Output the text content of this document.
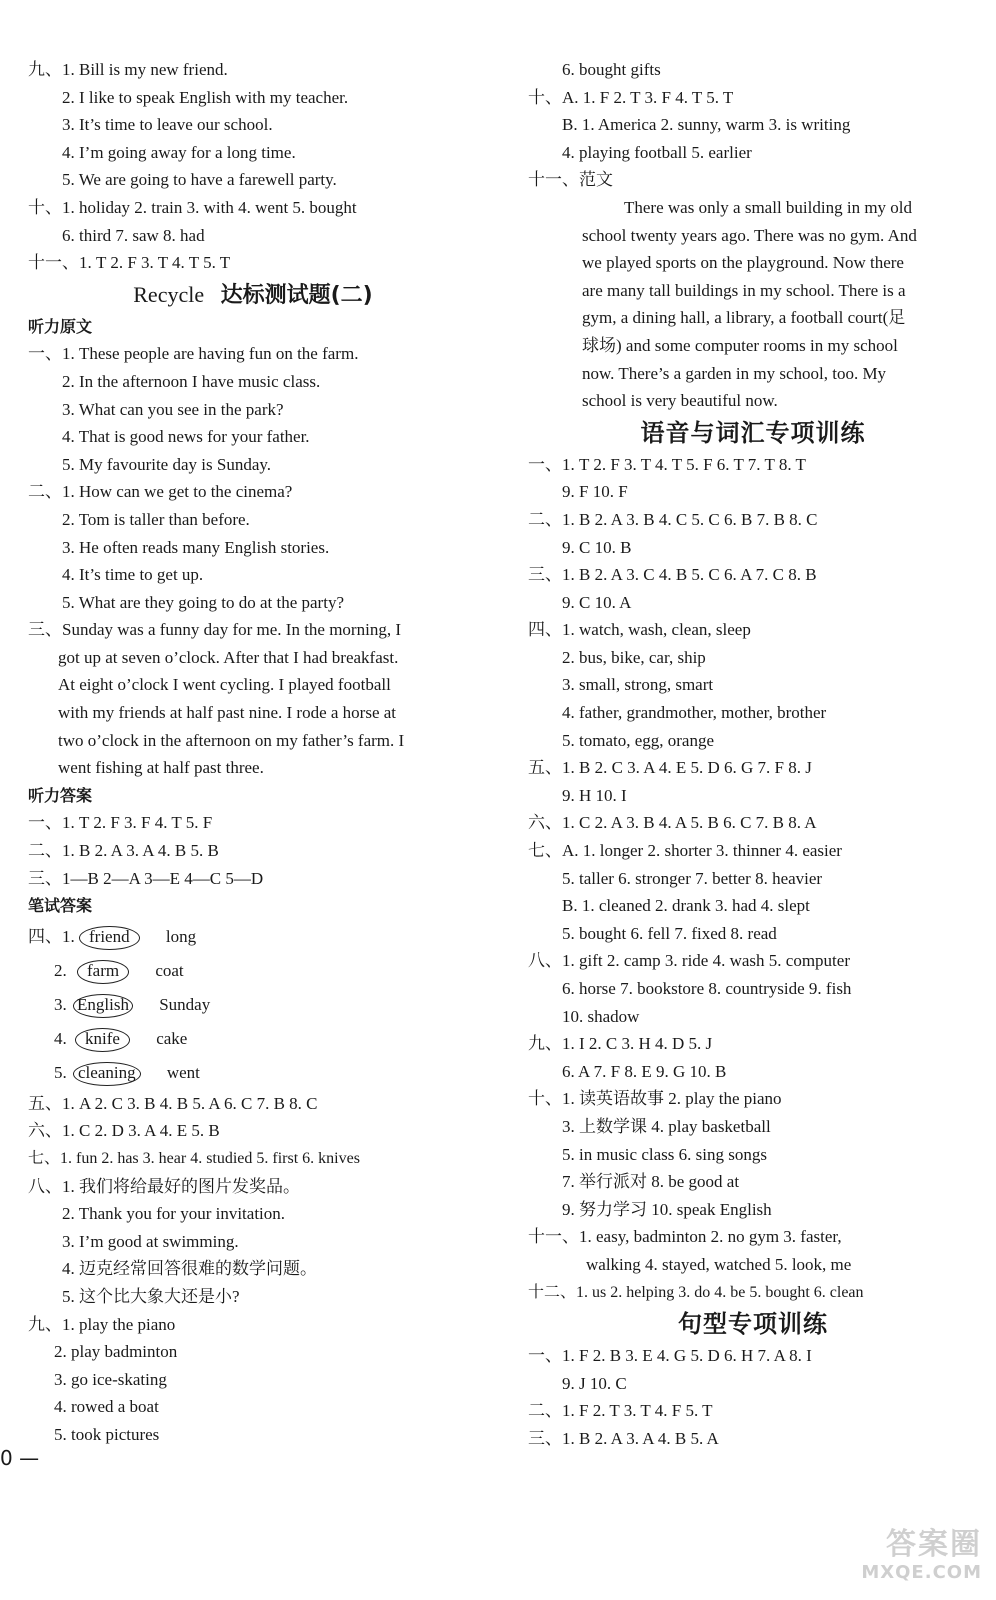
九、1. Bill is my new friend.
2. I like to speak English with my teacher.
3. It’s time to leave our school.
4. I’m going away for a long time.
5. We are going to have a farewell party.
十、1. holiday 2. train 3. with 4. went 5. bought
6. third 7. saw 8. had
十一、1. T 2. F 3. T 4. T 5. T
Recycle 达标测试题(二)
听力原文
一、1. These people are having fun on the farm.
2. In the afternoon I have music class.
3. What can you see in the park?
4. That is good news for your father.
5. My favourite day is Sunday.
二、1. How can we get to the cinema?
2. Tom is taller than before.
3. He often reads many English stories.
4. It’s time to get up.
5. What are they going to do at the party?
三、Sunday was a funny day for me. In the morning, I
got up at seven o’clock. After that I had breakfast.
At eight o’clock I went cycling. I played football
with my friends at half past nine. I rode a horse at
two o’clock in the afternoon on my father’s farm. I
went fishing at half past three.
听力答案
一、1. T 2. F 3. F 4. T 5. F
二、1. B 2. A 3. A 4. B 5. B
三、1—B 2—A 3—E 4—C 5—D
笔试答案
四、1. friend long
2. farm coat
3. English Sunday
4. knife cake
5. cleaning went
五、1. A 2. C 3. B 4. B 5. A 6. C 7. B 8. C
六、1. C 2. D 3. A 4. E 5. B
七、1. fun 2. has 3. hear 4. studied 5. first 6. knives
八、1. 我们将给最好的图片发奖品。
2. Thank you for your invitation.
3. I’m good at swimming.
4. 迈克经常回答很难的数学问题。
5. 这个比大象大还是小?
九、1. play the piano
2. play badminton
3. go ice-skating
4. rowed a boat
5. took pictures
6. bought gifts
十、A. 1. F 2. T 3. F 4. T 5. T
B. 1. America 2. sunny, warm 3. is writing
4. playing football 5. earlier
十一、范文
There was only a small building in my old
school twenty years ago. There was no gym. And
we played sports on the playground. Now there
are many tall buildings in my school. There is a
gym, a dining hall, a library, a football court(足
球场) and some computer rooms in my school
now. There’s a garden in my school, too. My
school is very beautiful now.
语音与词汇专项训练
一、1. T 2. F 3. T 4. T 5. F 6. T 7. T 8. T
9. F 10. F
二、1. B 2. A 3. B 4. C 5. C 6. B 7. B 8. C
9. C 10. B
三、1. B 2. A 3. C 4. B 5. C 6. A 7. C 8. B
9. C 10. A
四、1. watch, wash, clean, sleep
2. bus, bike, car, ship
3. small, strong, smart
4. father, grandmother, mother, brother
5. tomato, egg, orange
五、1. B 2. C 3. A 4. E 5. D 6. G 7. F 8. J
9. H 10. I
六、1. C 2. A 3. B 4. A 5. B 6. C 7. B 8. A
七、A. 1. longer 2. shorter 3. thinner 4. easier
5. taller 6. stronger 7. better 8. heavier
B. 1. cleaned 2. drank 3. had 4. slept
5. bought 6. fell 7. fixed 8. read
八、1. gift 2. camp 3. ride 4. wash 5. computer
6. horse 7. bookstore 8. countryside 9. fish
10. shadow
九、1. I 2. C 3. H 4. D 5. J
6. A 7. F 8. E 9. G 10. B
十、1. 读英语故事 2. play the piano
3. 上数学课 4. play basketball
5. in music class 6. sing songs
7. 举行派对 8. be good at
9. 努力学习 10. speak English
十一、1. easy, badminton 2. no gym 3. faster,
walking 4. stayed, watched 5. look, me
十二、1. us 2. helping 3. do 4. be 5. bought 6. clean
句型专项训练
一、1. F 2. B 3. E 4. G 5. D 6. H 7. A 8. I
9. J 10. C
二、1. F 2. T 3. T 4. F 5. T
三、1. B 2. A 3. A 4. B 5. A
0 —
答案圈
MXQE.COM
